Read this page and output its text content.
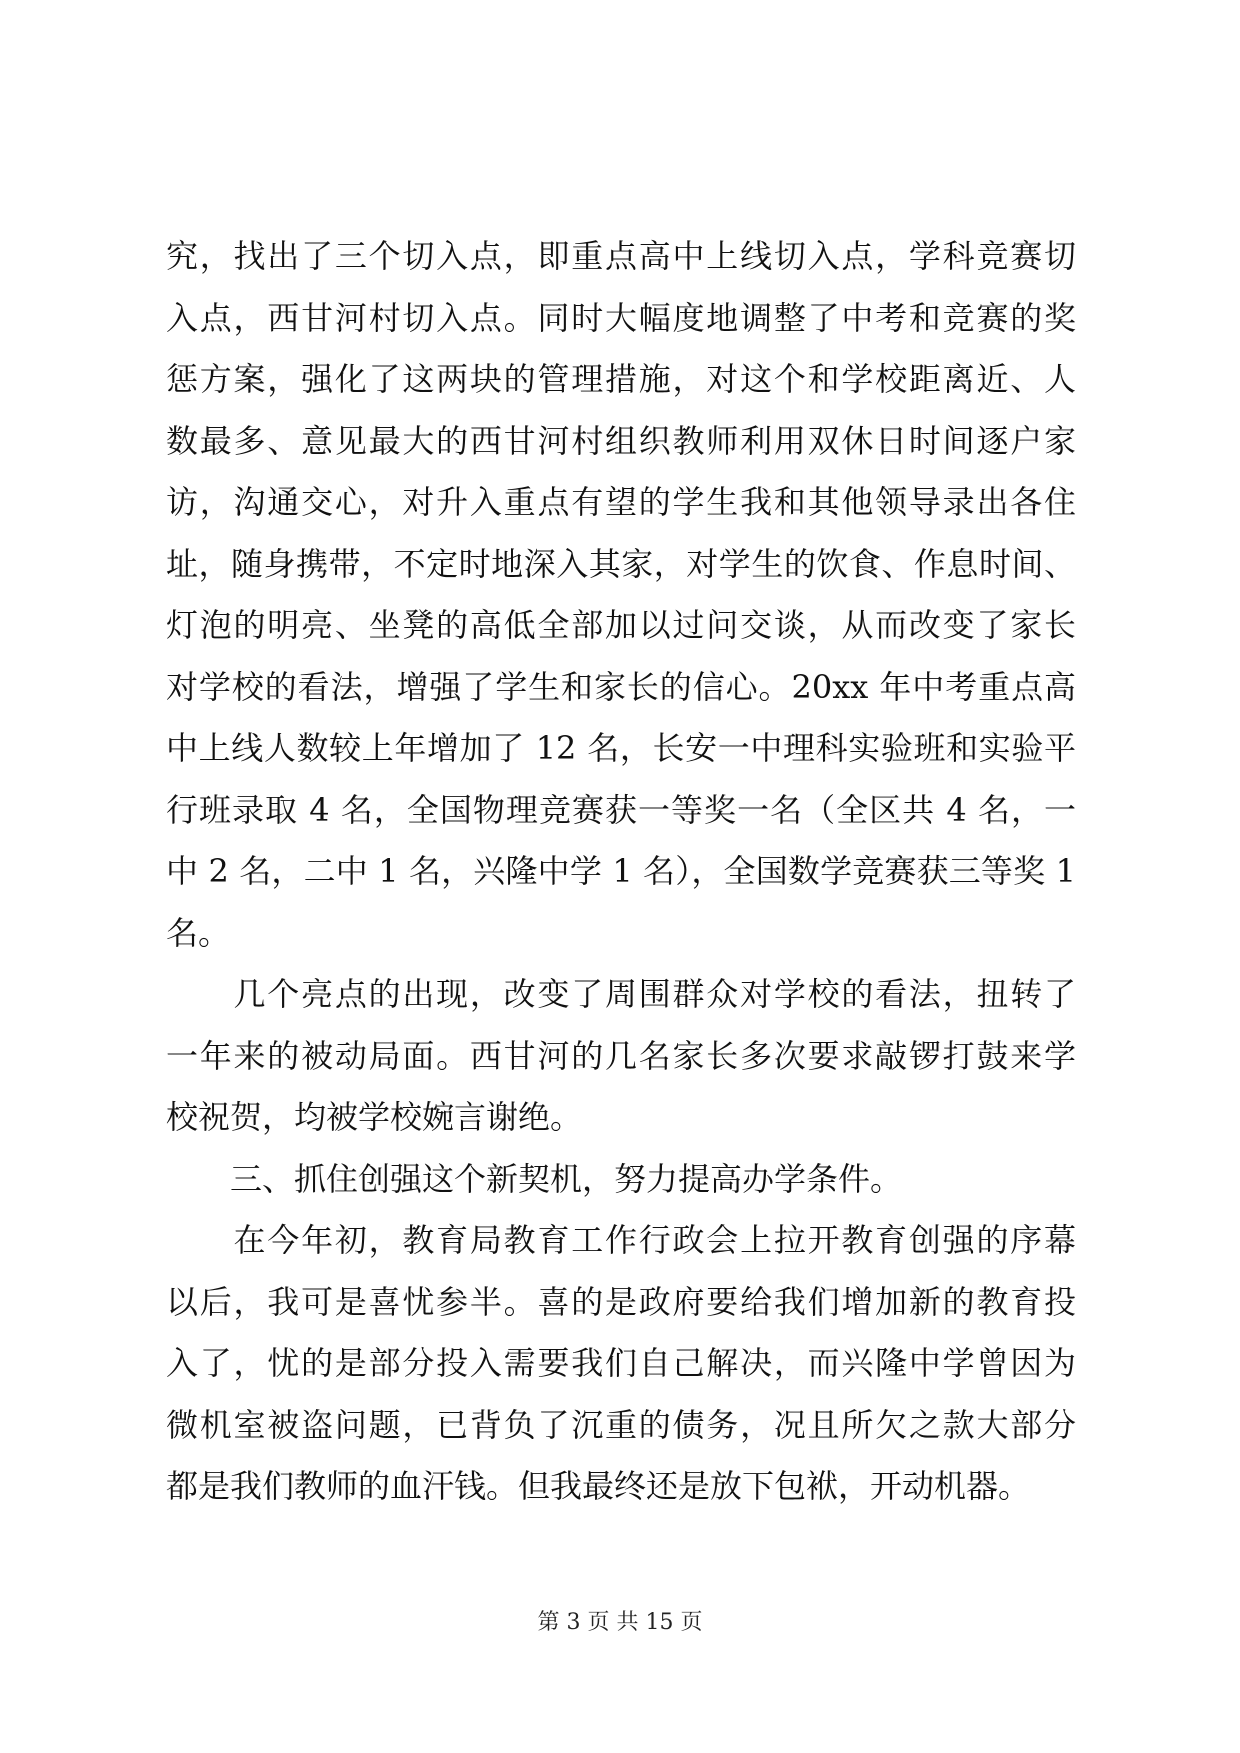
究，找出了三个切入点，即重点高中上线切入点，学科竞赛切
入点，西甘河村切入点。同时大幅度地调整了中考和竞赛的奖
惩方案，强化了这两块的管理措施，对这个和学校距离近、人
数最多、意见最大的西甘河村组织教师利用双休日时间逐户家
访，沟通交心，对升入重点有望的学生我和其他领导录出各住
址，随身携带，不定时地深入其家，对学生的饮食、作息时间、
灯泡的明亮、坐凳的高低全部加以过问交谈，从而改变了家长
对学校的看法，增强了学生和家长的信心。20xx 年中考重点高
中上线人数较上年增加了 12 名，长安一中理科实验班和实验平
行班录取 4 名，全国物理竞赛获一等奖一名（全区共 4 名，一
中 2 名，二中 1 名，兴隆中学 1 名），全国数学竞赛获三等奖 1
名。
　　几个亮点的出现，改变了周围群众对学校的看法，扭转了
一年来的被动局面。西甘河的几名家长多次要求敲锣打鼓来学
校祝贺，均被学校婉言谢绝。
　　三、抓住创强这个新契机，努力提高办学条件。
　　在今年初，教育局教育工作行政会上拉开教育创强的序幕
以后，我可是喜忧参半。喜的是政府要给我们增加新的教育投
入了，忧的是部分投入需要我们自己解决，而兴隆中学曾因为
微机室被盗问题，已背负了沉重的债务，况且所欠之款大部分
都是我们教师的血汗钱。但我最终还是放下包袱，开动机器。
第 3 页 共 15 页
